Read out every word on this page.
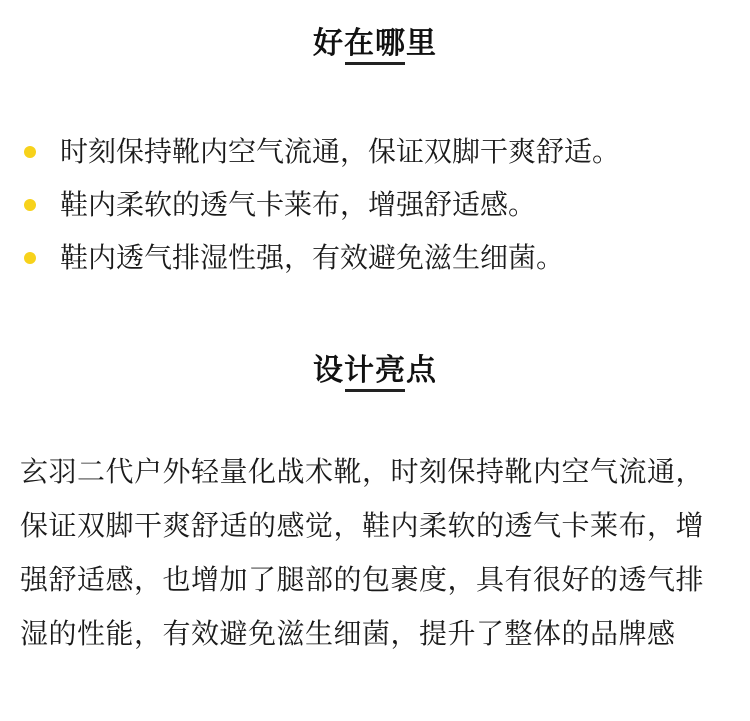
好在哪里
时刻保持靴内空气流通，保证双脚干爽舒适。
鞋内柔软的透气卡莱布，增强舒适感。
鞋内透气排湿性强，有效避免滋生细菌。
设计亮点

玄羽二代户外轻量化战术靴，时刻保持靴内空气流通，保证双脚干爽舒适的感觉，鞋内柔软的透气卡莱布，增强舒适感，也增加了腿部的包裹度，具有很好的透气排湿的性能，有效避免滋生细菌，提升了整体的品牌感
